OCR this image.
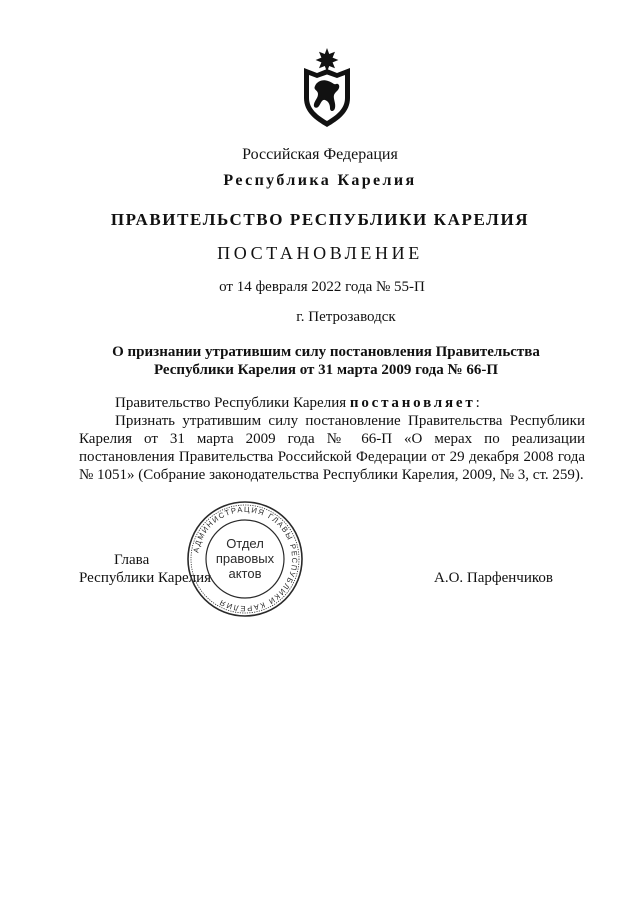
Российская Федерация
Республика Карелия
ПРАВИТЕЛЬСТВО РЕСПУБЛИКИ КАРЕЛИЯ
ПОСТАНОВЛЕНИЕ
от 14 февраля 2022 года № 55-П
г. Петрозаводск
О признании утратившим силу постановления Правительства
Республики Карелия от 31 марта 2009 года № 66-П
Правительство Республики Карелия постановляет:
Признать утратившим силу постановление Правительства Республики Карелия от 31 марта 2009 года № 66-П «О мерах по реализации постановления Правительства Российской Федерации от 29 декабря 2008 года № 1051» (Собрание законодательства Республики Карелия, 2009, № 3, ст. 259).
Глава
Республики Карелия	А.О. Парфенчиков
АДМИНИСТРАЦИЯ ГЛАВЫ РЕСПУБЛИКИ КАРЕЛИЯ
Отдел
правовых
актов
